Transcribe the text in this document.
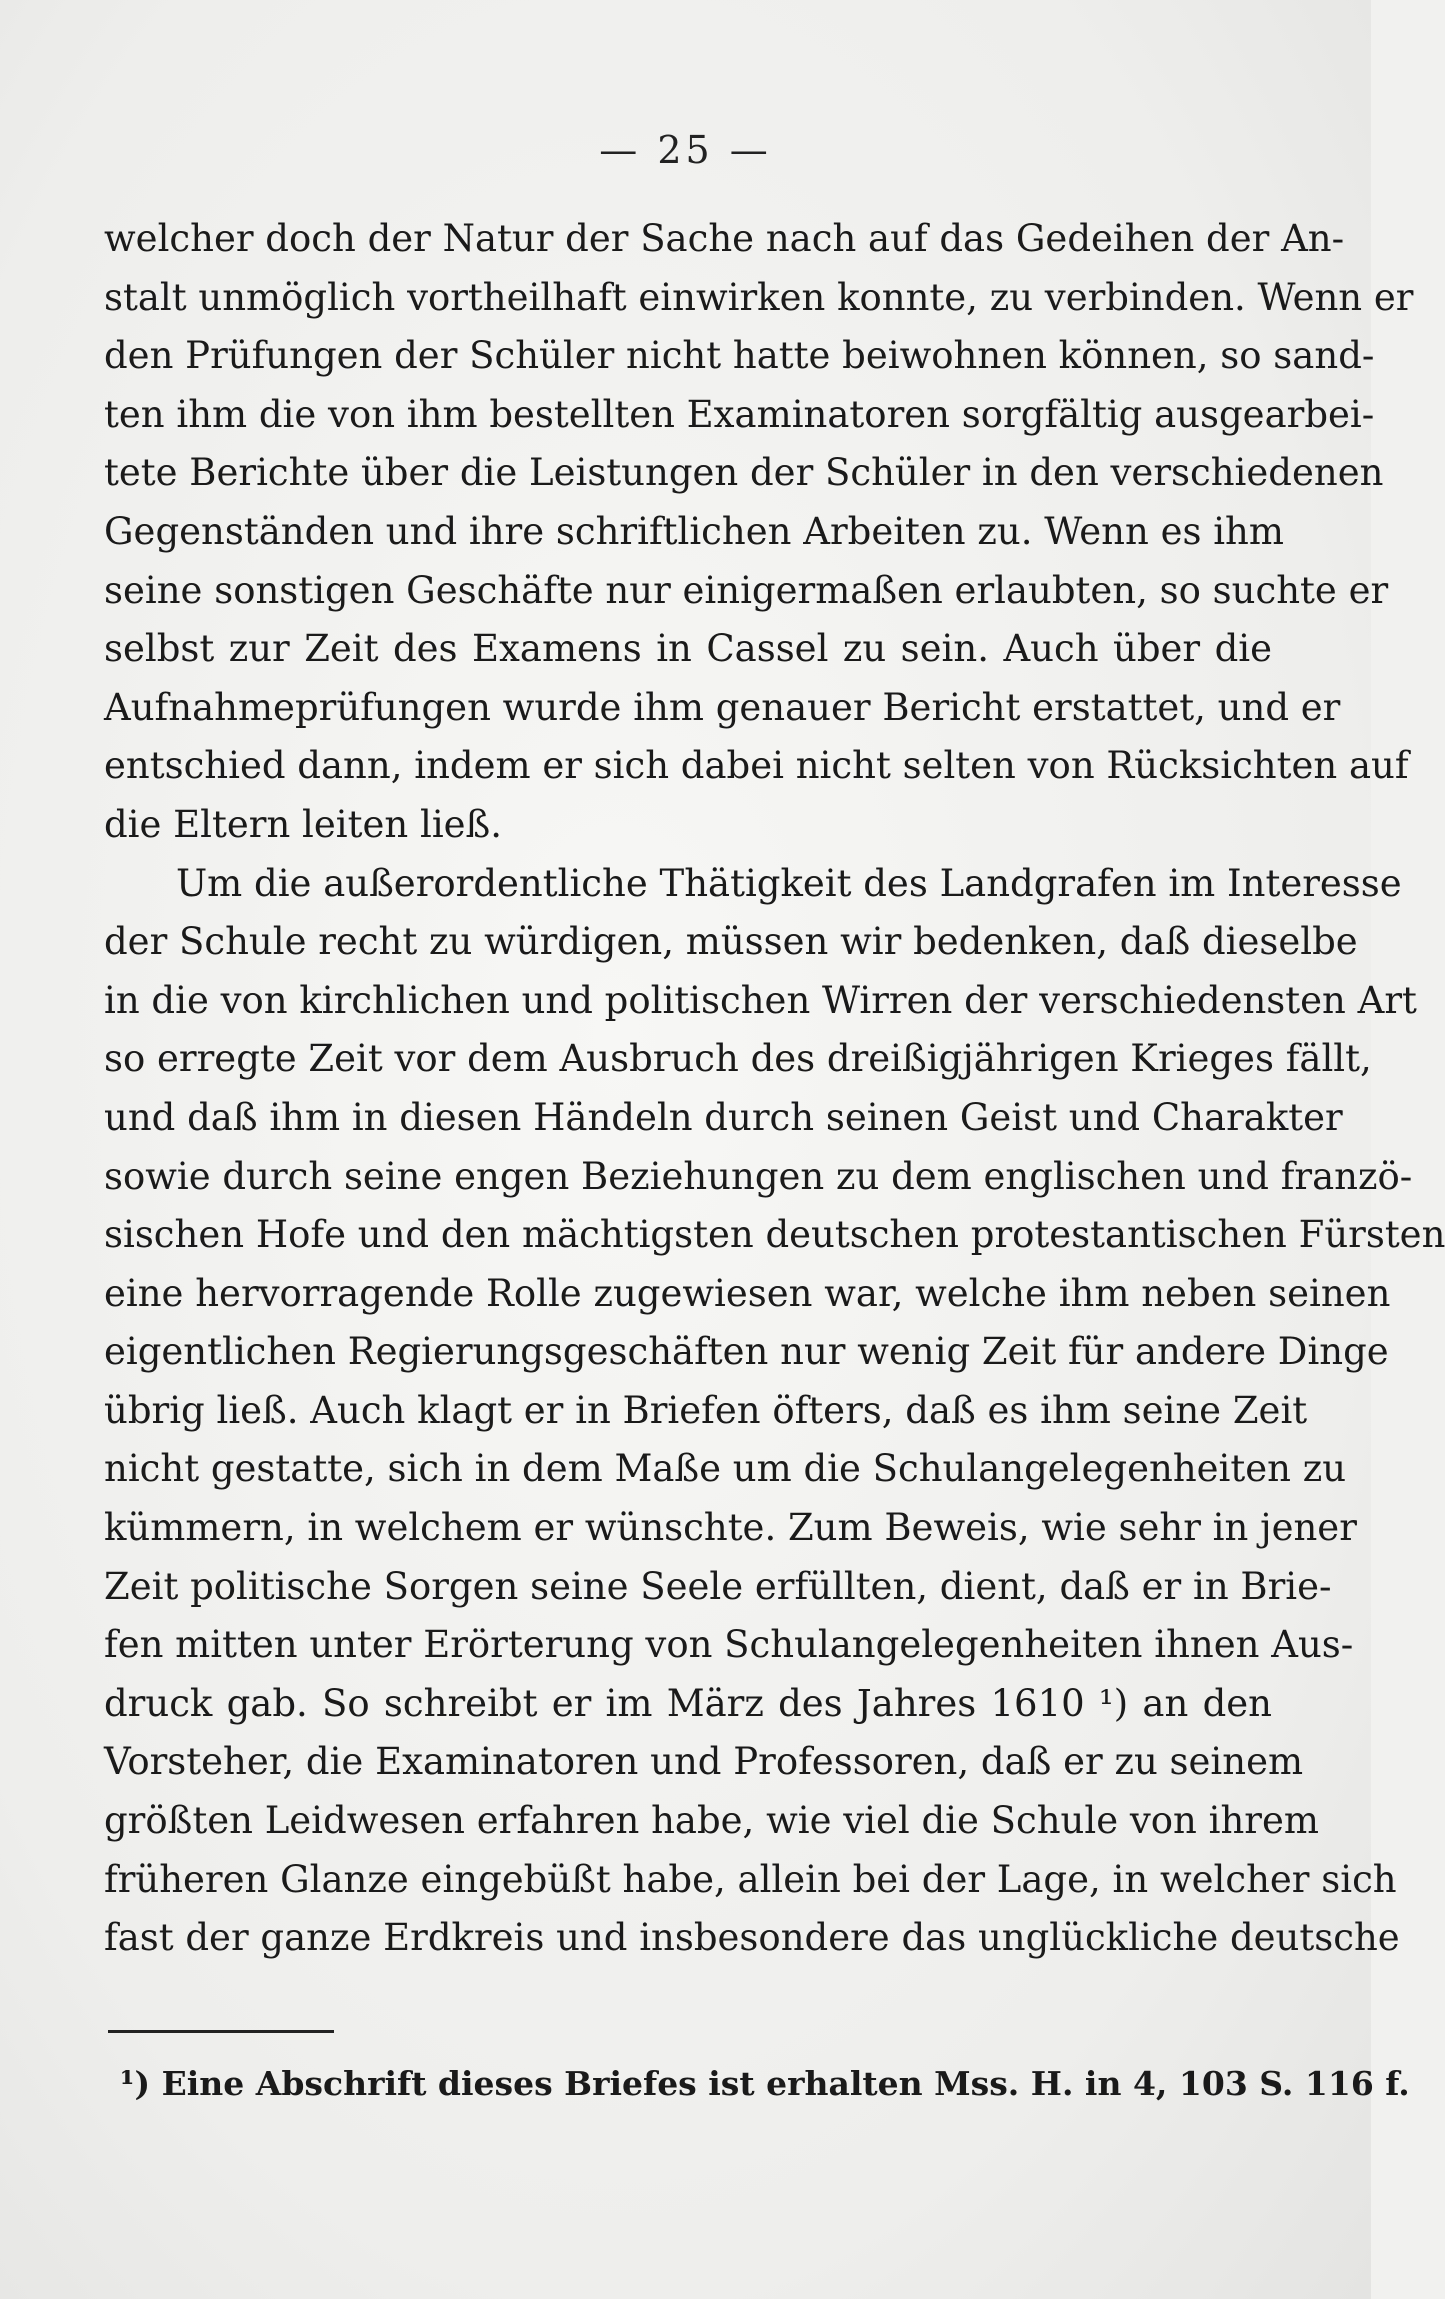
— 25 —
welcher doch der Natur der Sache nach auf das Gedeihen der An-
stalt unmöglich vortheilhaft einwirken konnte, zu verbinden. Wenn er
den Prüfungen der Schüler nicht hatte beiwohnen können, so sand-
ten ihm die von ihm bestellten Examinatoren sorgfältig ausgearbei-
tete Berichte über die Leistungen der Schüler in den verschiedenen
Gegenständen und ihre schriftlichen Arbeiten zu. Wenn es ihm
seine sonstigen Geschäfte nur einigermaßen erlaubten, so suchte er
selbst zur Zeit des Examens in Cassel zu sein. Auch über die
Aufnahmeprüfungen wurde ihm genauer Bericht erstattet, und er
entschied dann, indem er sich dabei nicht selten von Rücksichten auf
die Eltern leiten ließ.
Um die außerordentliche Thätigkeit des Landgrafen im Interesse
der Schule recht zu würdigen, müssen wir bedenken, daß dieselbe
in die von kirchlichen und politischen Wirren der verschiedensten Art
so erregte Zeit vor dem Ausbruch des dreißigjährigen Krieges fällt,
und daß ihm in diesen Händeln durch seinen Geist und Charakter
sowie durch seine engen Beziehungen zu dem englischen und franzö-
sischen Hofe und den mächtigsten deutschen protestantischen Fürsten
eine hervorragende Rolle zugewiesen war, welche ihm neben seinen
eigentlichen Regierungsgeschäften nur wenig Zeit für andere Dinge
übrig ließ. Auch klagt er in Briefen öfters, daß es ihm seine Zeit
nicht gestatte, sich in dem Maße um die Schulangelegenheiten zu
kümmern, in welchem er wünschte. Zum Beweis, wie sehr in jener
Zeit politische Sorgen seine Seele erfüllten, dient, daß er in Brie-
fen mitten unter Erörterung von Schulangelegenheiten ihnen Aus-
druck gab. So schreibt er im März des Jahres 1610 ¹) an den
Vorsteher, die Examinatoren und Professoren, daß er zu seinem
größten Leidwesen erfahren habe, wie viel die Schule von ihrem
früheren Glanze eingebüßt habe, allein bei der Lage, in welcher sich
fast der ganze Erdkreis und insbesondere das unglückliche deutsche
¹) Eine Abschrift dieses Briefes ist erhalten Mss. H. in 4, 103 S. 116 f.
